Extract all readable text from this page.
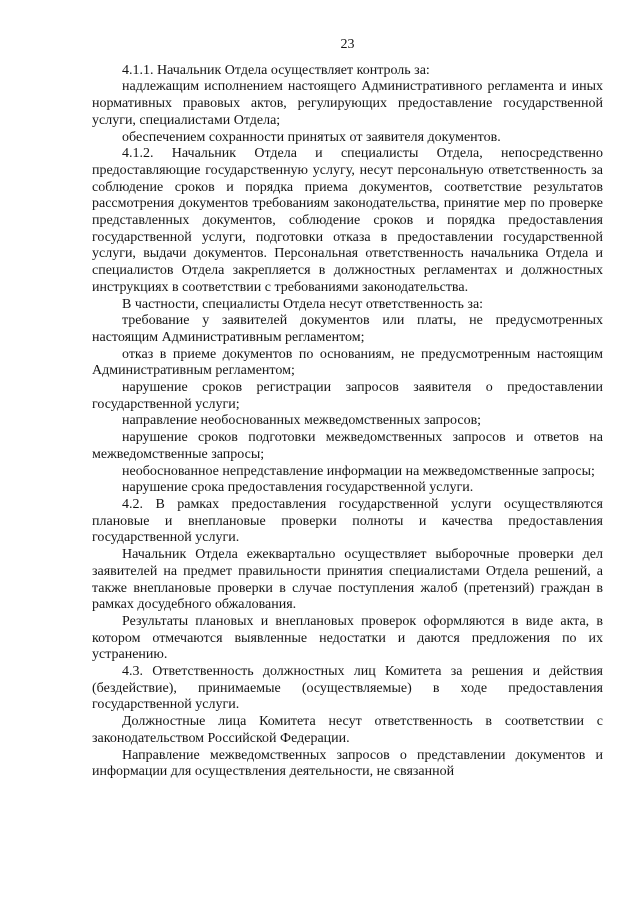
23

4.1.1. Начальник Отдела осуществляет контроль за:

надлежащим исполнением настоящего Административного регламента и иных нормативных правовых актов, регулирующих предоставление государственной услуги, специалистами Отдела;

обеспечением сохранности принятых от заявителя документов.

4.1.2. Начальник Отдела и специалисты Отдела, непосредственно предоставляющие государственную услугу, несут персональную ответственность за соблюдение сроков и порядка приема документов, соответствие результатов рассмотрения документов требованиям законодательства, принятие мер по проверке представленных документов, соблюдение сроков и порядка предоставления государственной услуги, подготовки отказа в предоставлении государственной услуги, выдачи документов. Персональная ответственность начальника Отдела и специалистов Отдела закрепляется в должностных регламентах и должностных инструкциях в соответствии с требованиями законодательства.

В частности, специалисты Отдела несут ответственность за:

требование у заявителей документов или платы, не предусмотренных настоящим Административным регламентом;

отказ в приеме документов по основаниям, не предусмотренным настоящим Административным регламентом;

нарушение сроков регистрации запросов заявителя о предоставлении государственной услуги;

направление необоснованных межведомственных запросов;

нарушение сроков подготовки межведомственных запросов и ответов на межведомственные запросы;

необоснованное непредставление информации на межведомственные запросы;

нарушение срока предоставления государственной услуги.

4.2. В рамках предоставления государственной услуги осуществляются плановые и внеплановые проверки полноты и качества предоставления государственной услуги.

Начальник Отдела ежеквартально осуществляет выборочные проверки дел заявителей на предмет правильности принятия специалистами Отдела решений, а также внеплановые проверки в случае поступления жалоб (претензий) граждан в рамках досудебного обжалования.

Результаты плановых и внеплановых проверок оформляются в виде акта, в котором отмечаются выявленные недостатки и даются предложения по их устранению.

4.3. Ответственность должностных лиц Комитета за решения и действия (бездействие), принимаемые (осуществляемые) в ходе предоставления государственной услуги.

Должностные лица Комитета несут ответственность в соответствии с законодательством Российской Федерации.

Направление межведомственных запросов о представлении документов и информации для осуществления деятельности, не связанной
